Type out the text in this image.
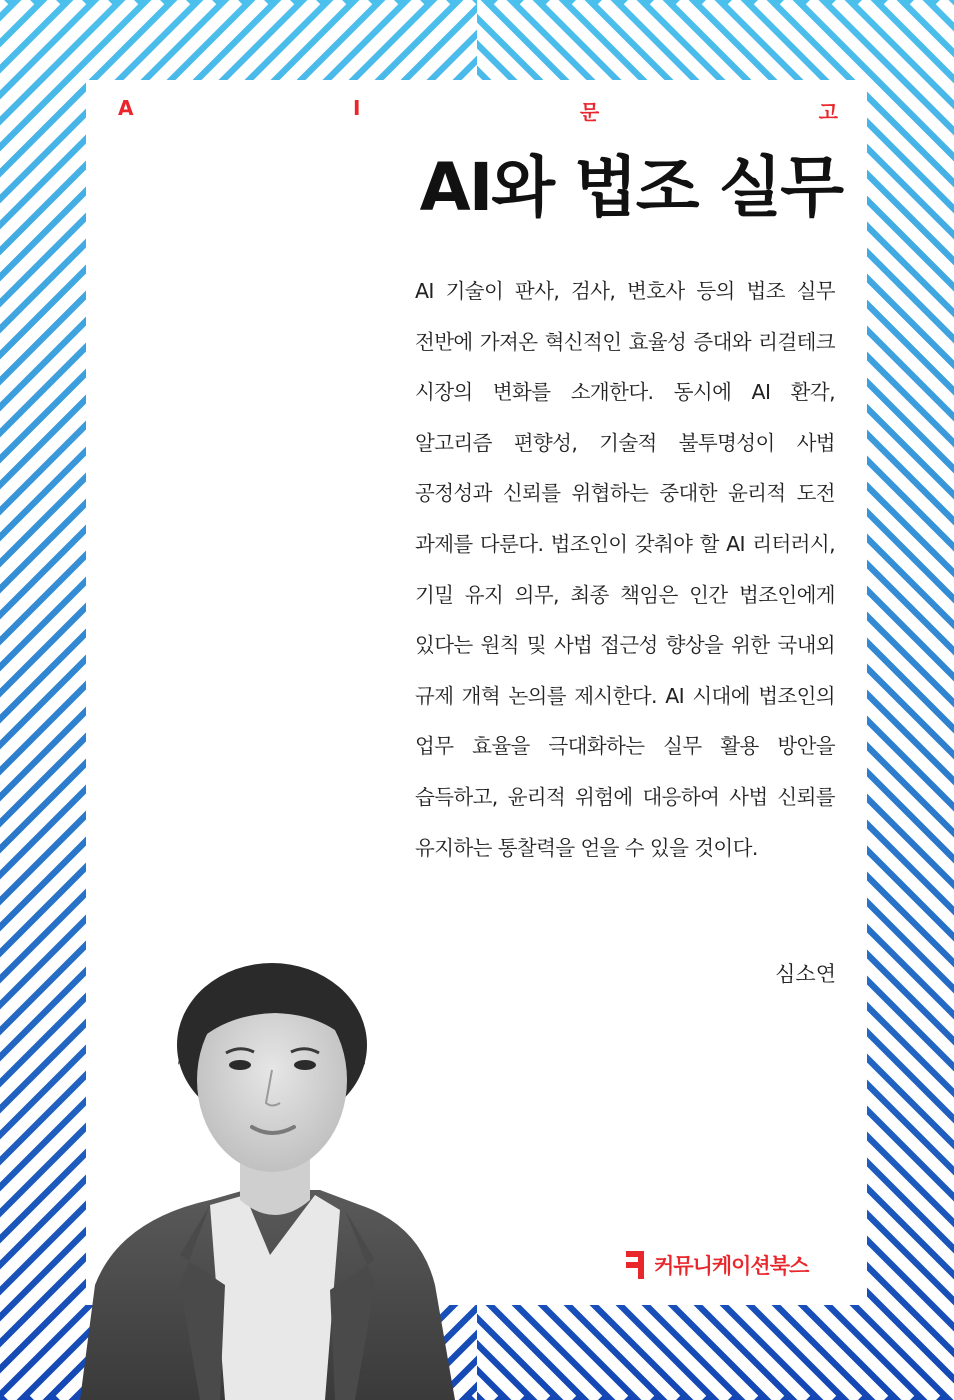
A	I	문	고
AI와 법조 실무

AI 기술이 판사, 검사, 변호사 등의 법조 실무 전반에 가져온 혁신적인 효율성 증대와 리걸테크 시장의 변화를 소개한다. 동시에 AI 환각, 알고리즘 편향성, 기술적 불투명성이 사법 공정성과 신뢰를 위협하는 중대한 윤리적 도전 과제를 다룬다. 법조인이 갖춰야 할 AI 리터러시, 기밀 유지 의무, 최종 책임은 인간 법조인에게 있다는 원칙 및 사법 접근성 향상을 위한 국내외 규제 개혁 논의를 제시한다. AI 시대에 법조인의 업무 효율을 극대화하는 실무 활용 방안을 습득하고, 윤리적 위험에 대응하여 사법 신뢰를 유지하는 통찰력을 얻을 수 있을 것이다.

심소연
커뮤니케이션북스
